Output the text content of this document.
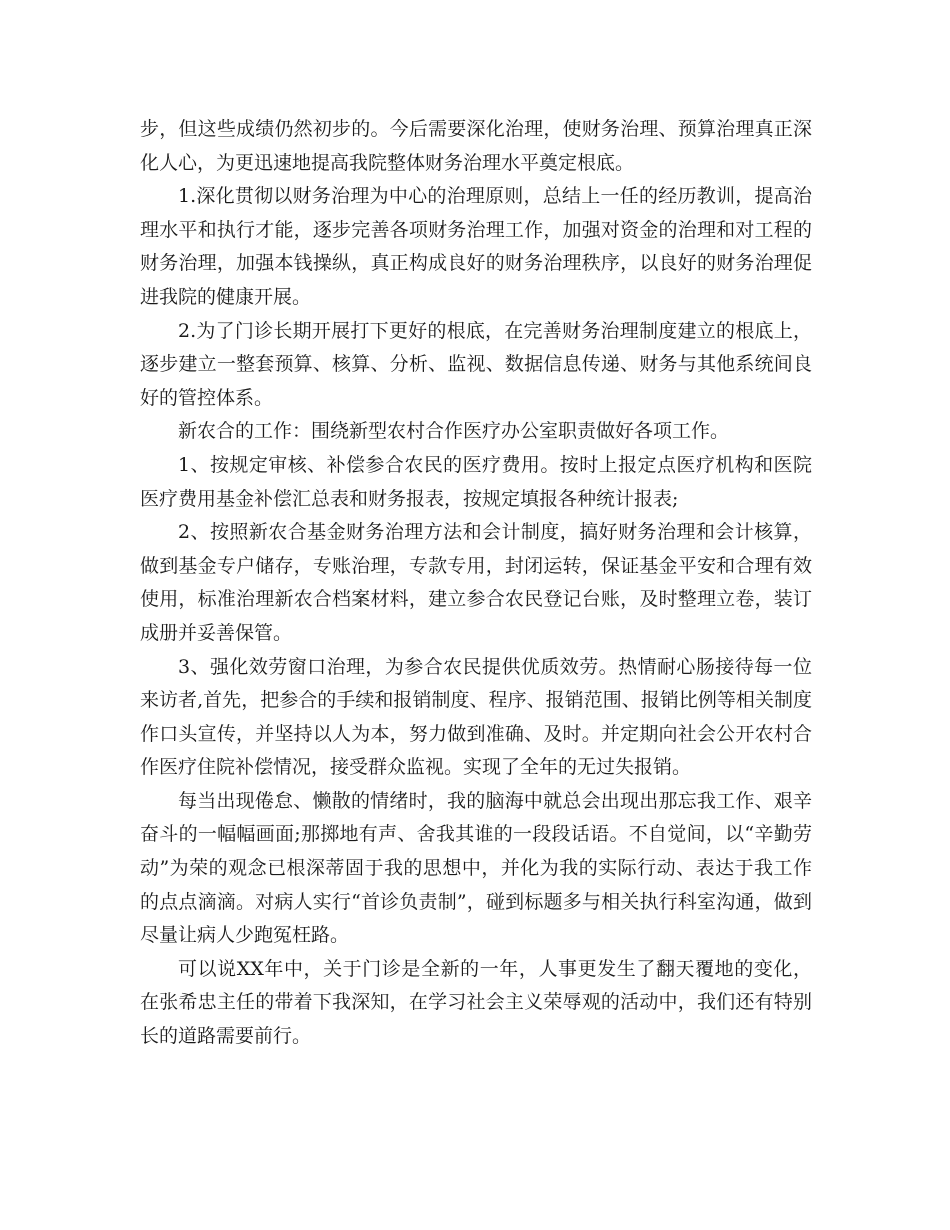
步，但这些成绩仍然初步的。今后需要深化治理，使财务治理、预算治理真正深化人心，为更迅速地提高我院整体财务治理水平奠定根底。

1.深化贯彻以财务治理为中心的治理原则，总结上一任的经历教训，提高治理水平和执行才能，逐步完善各项财务治理工作，加强对资金的治理和对工程的财务治理，加强本钱操纵，真正构成良好的财务治理秩序，以良好的财务治理促进我院的健康开展。

2.为了门诊长期开展打下更好的根底，在完善财务治理制度建立的根底上，逐步建立一整套预算、核算、分析、监视、数据信息传递、财务与其他系统间良好的管控体系。

新农合的工作：围绕新型农村合作医疗办公室职责做好各项工作。

1、按规定审核、补偿参合农民的医疗费用。按时上报定点医疗机构和医院医疗费用基金补偿汇总表和财务报表，按规定填报各种统计报表;

2、按照新农合基金财务治理方法和会计制度，搞好财务治理和会计核算，做到基金专户储存，专账治理，专款专用，封闭运转，保证基金平安和合理有效使用，标准治理新农合档案材料，建立参合农民登记台账，及时整理立卷，装订成册并妥善保管。

3、强化效劳窗口治理，为参合农民提供优质效劳。热情耐心肠接待每一位来访者,首先，把参合的手续和报销制度、程序、报销范围、报销比例等相关制度作口头宣传，并坚持以人为本，努力做到准确、及时。并定期向社会公开农村合作医疗住院补偿情况，接受群众监视。实现了全年的无过失报销。

每当出现倦怠、懒散的情绪时，我的脑海中就总会出现出那忘我工作、艰辛奋斗的一幅幅画面;那掷地有声、舍我其谁的一段段话语。不自觉间，以“辛勤劳动”为荣的观念已根深蒂固于我的思想中，并化为我的实际行动、表达于我工作的点点滴滴。对病人实行“首诊负责制”，碰到标题多与相关执行科室沟通，做到尽量让病人少跑冤枉路。

可以说XX年中，关于门诊是全新的一年，人事更发生了翻天覆地的变化，在张希忠主任的带着下我深知，在学习社会主义荣辱观的活动中，我们还有特别长的道路需要前行。
